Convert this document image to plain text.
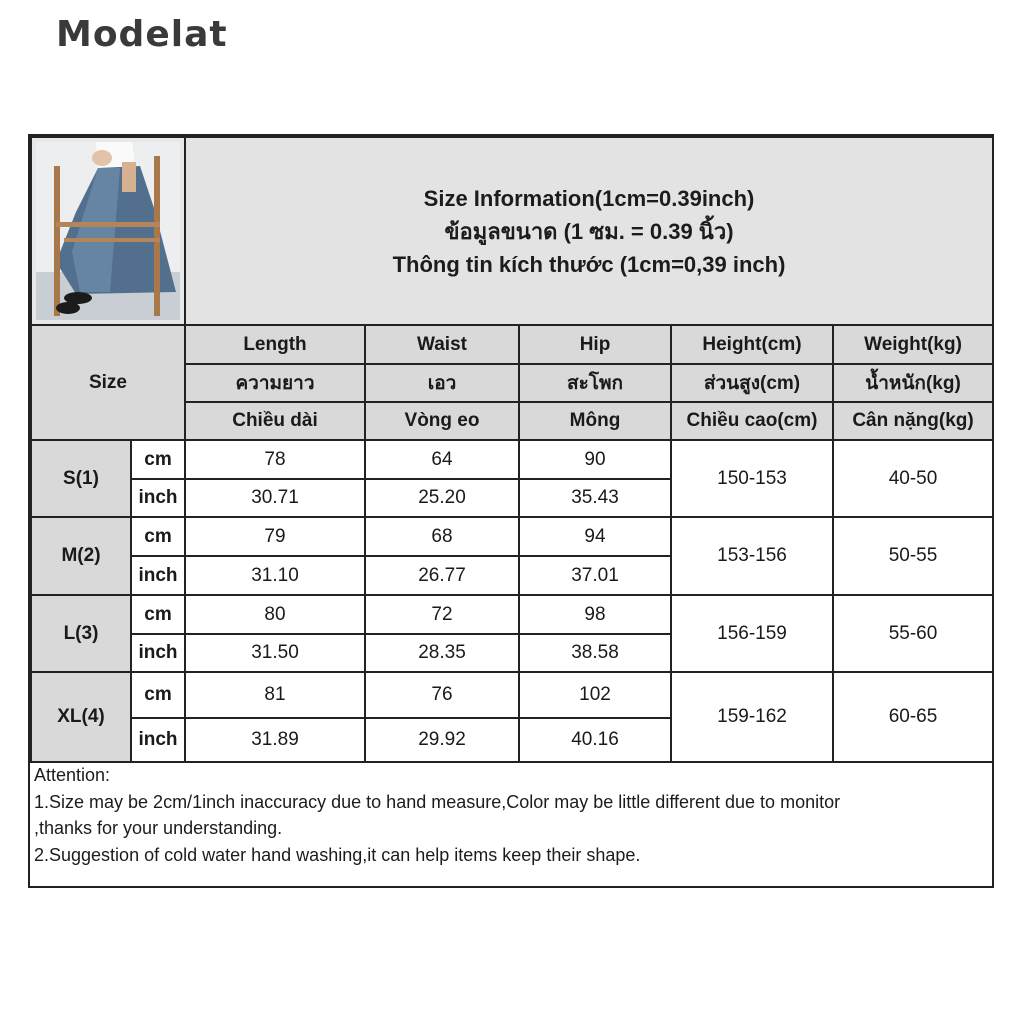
Modelat

Size Information(1cm=0.39inch)
ข้อมูลขนาด (1 ซม. = 0.39 นิ้ว)
Thông tin kích thước (1cm=0,39 inch)				

Size		Length	Waist	Hip	Height(cm)	Weight(kg)
		ความยาว	เอว	สะโพก	ส่วนสูง(cm)	น้ำหนัก(kg)
		Chiều dài	Vòng eo	Mông	Chiều cao(cm)	Cân nặng(kg)
S(1)	cm	78	64	90	150-153	40-50
	inch	30.71	25.20	35.43		
M(2)	cm	79	68	94	153-156	50-55
	inch	31.10	26.77	37.01		
L(3)	cm	80	72	98	156-159	55-60
	inch	31.50	28.35	38.58		
XL(4)	cm	81	76	102	159-162	60-65
	inch	31.89	29.92	40.16		
Attention:
1.Size may be 2cm/1inch inaccuracy due to hand measure,Color may be little different due to monitor
,thanks for your understanding.
2.Suggestion of cold water hand washing,it can help items keep their shape.
